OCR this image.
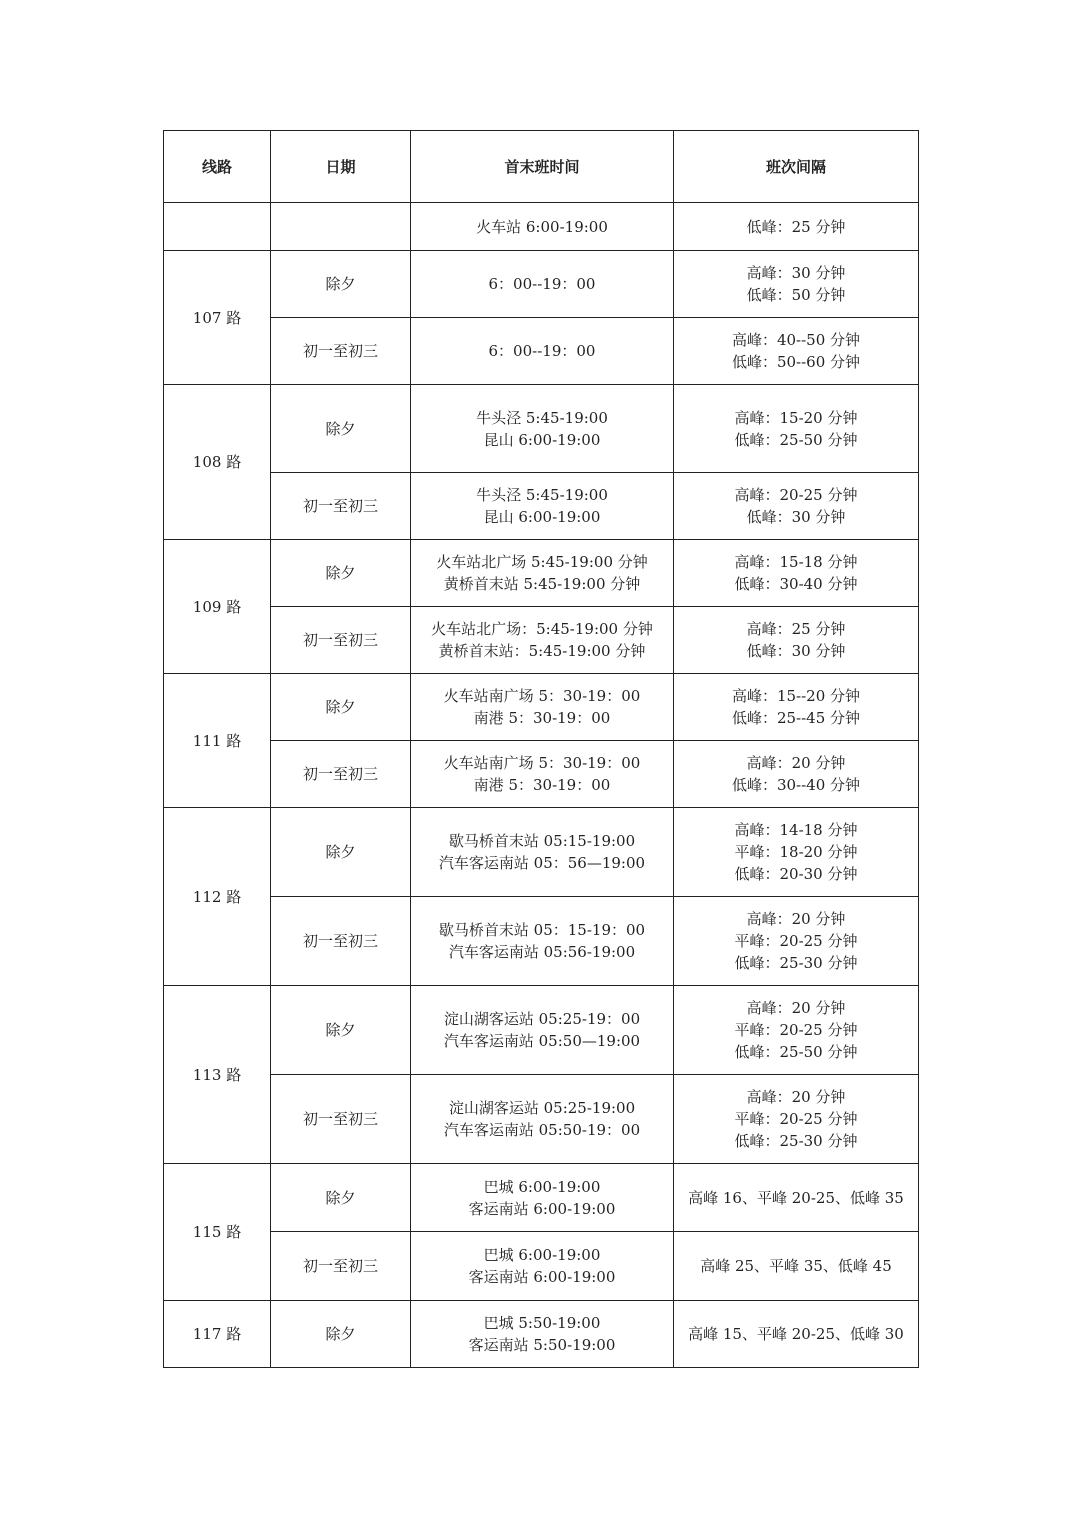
线路	日期	首末班时间	班次间隔

		火车站 6:00-19:00	低峰：25 分钟

107 路	除夕	6：00--19：00	高峰：30 分钟
低峰：50 分钟

	初一至初三	6：00--19：00	高峰：40--50 分钟
低峰：50--60 分钟

108 路	除夕	牛头泾 5:45-19:00
昆山 6:00-19:00	高峰：15-20 分钟
低峰：25-50 分钟

	初一至初三	牛头泾 5:45-19:00
昆山 6:00-19:00	高峰：20-25 分钟
低峰：30 分钟

109 路	除夕	火车站北广场 5:45-19:00 分钟
黄桥首末站 5:45-19:00 分钟	高峰：15-18 分钟
低峰：30-40 分钟

	初一至初三	火车站北广场：5:45-19:00 分钟
黄桥首末站：5:45-19:00 分钟	高峰：25 分钟
低峰：30 分钟

111 路	除夕	火车站南广场 5：30-19：00
南港 5：30-19：00	高峰：15--20 分钟
低峰：25--45 分钟

	初一至初三	火车站南广场 5：30-19：00
南港 5：30-19：00	高峰：20 分钟
低峰：30--40 分钟

112 路	除夕	歇马桥首末站 05:15-19:00
汽车客运南站 05：56—19:00	高峰：14-18 分钟
平峰：18-20 分钟
低峰：20-30 分钟

	初一至初三	歇马桥首末站 05：15-19：00
汽车客运南站 05:56-19:00	高峰：20 分钟
平峰：20-25 分钟
低峰：25-30 分钟

113 路	除夕	淀山湖客运站 05:25-19：00
汽车客运南站 05:50—19:00	高峰：20 分钟
平峰：20-25 分钟
低峰：25-50 分钟

	初一至初三	淀山湖客运站 05:25-19:00
汽车客运南站 05:50-19：00	高峰：20 分钟
平峰：20-25 分钟
低峰：25-30 分钟

115 路	除夕	巴城 6:00-19:00
客运南站 6:00-19:00	高峰 16、平峰 20-25、低峰 35

	初一至初三	巴城 6:00-19:00
客运南站 6:00-19:00	高峰 25、平峰 35、低峰 45

117 路	除夕	巴城 5:50-19:00
客运南站 5:50-19:00	高峰 15、平峰 20-25、低峰 30
